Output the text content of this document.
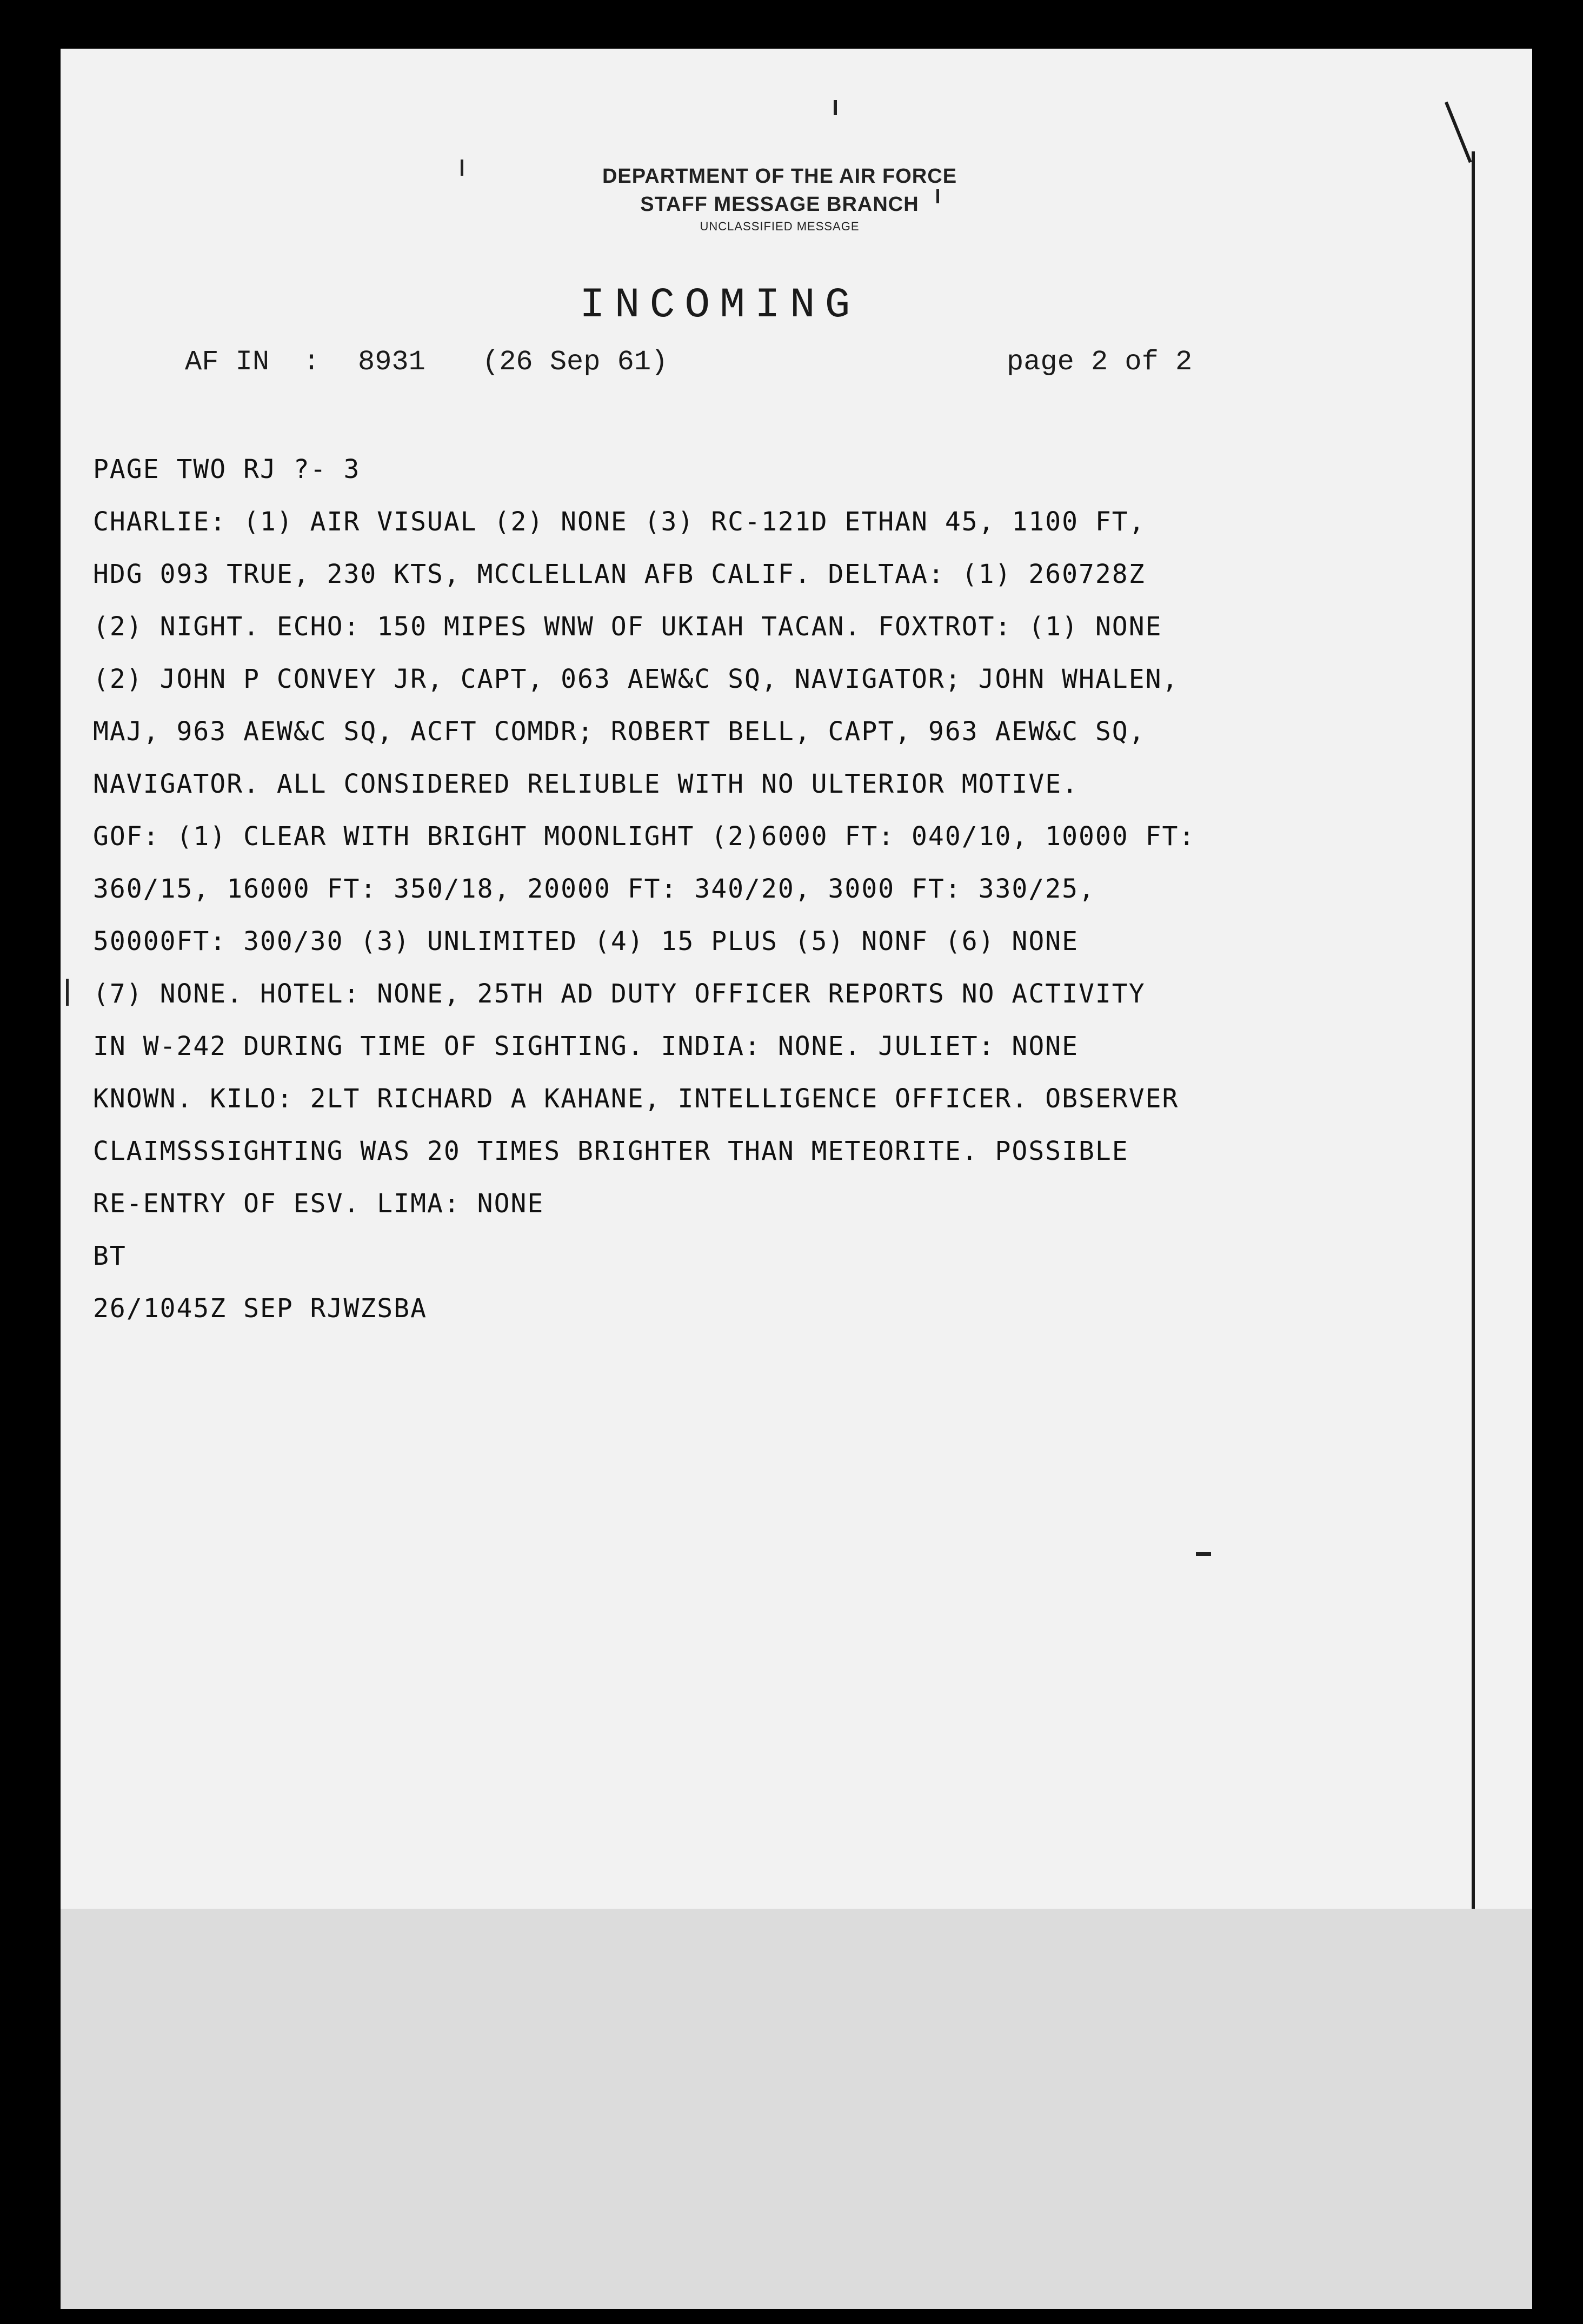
DEPARTMENT OF THE AIR FORCE
STAFF MESSAGE BRANCH
UNCLASSIFIED MESSAGE
INCOMING
AF IN  : 8931 (26 Sep 61)	page 2 of 2
PAGE TWO RJ ?- 3
CHARLIE: (1) AIR VISUAL (2) NONE (3) RC-121D ETHAN 45, 1100 FT,
HDG 093 TRUE, 230 KTS, MCCLELLAN AFB CALIF. DELTAA: (1) 260728Z
(2) NIGHT. ECHO: 150 MIPES WNW OF UKIAH TACAN. FOXTROT: (1) NONE
(2) JOHN P CONVEY JR, CAPT, 063 AEW&C SQ, NAVIGATOR; JOHN WHALEN,
MAJ, 963 AEW&C SQ, ACFT COMDR; ROBERT BELL, CAPT, 963 AEW&C SQ,
NAVIGATOR. ALL CONSIDERED RELIUBLE WITH NO ULTERIOR MOTIVE.
GOF: (1) CLEAR WITH BRIGHT MOONLIGHT (2)6000 FT: 040/10, 10000 FT:
360/15, 16000 FT: 350/18, 20000 FT: 340/20, 3000 FT: 330/25,
50000FT: 300/30 (3) UNLIMITED (4) 15 PLUS (5) NONF (6) NONE
(7) NONE. HOTEL: NONE, 25TH AD DUTY OFFICER REPORTS NO ACTIVITY
IN W-242 DURING TIME OF SIGHTING. INDIA: NONE. JULIET: NONE
KNOWN. KILO: 2LT RICHARD A KAHANE, INTELLIGENCE OFFICER. OBSERVER
CLAIMSSSIGHTING WAS 20 TIMES BRIGHTER THAN METEORITE. POSSIBLE
RE-ENTRY OF ESV. LIMA: NONE
BT
26/1045Z SEP RJWZSBA
